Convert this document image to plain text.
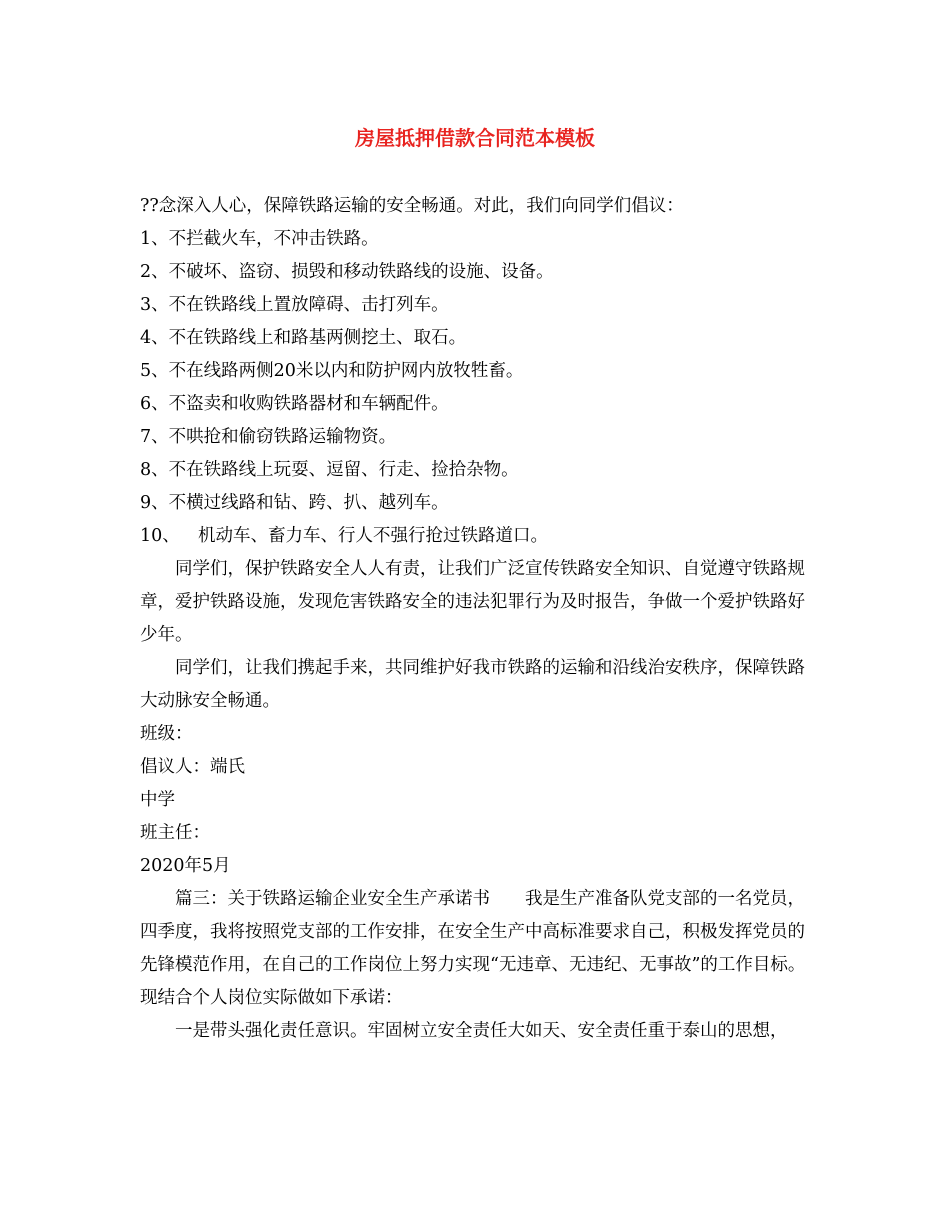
房屋抵押借款合同范本模板

??念深入人心，保障铁路运输的安全畅通。对此，我们向同学们倡议：

1、不拦截火车，不冲击铁路。

2、不破坏、盗窃、损毁和移动铁路线的设施、设备。

3、不在铁路线上置放障碍、击打列车。

4、不在铁路线上和路基两侧挖土、取石。

5、不在线路两侧20米以内和防护网内放牧牲畜。

6、不盗卖和收购铁路器材和车辆配件。

7、不哄抢和偷窃铁路运输物资。

8、不在铁路线上玩耍、逗留、行走、捡拾杂物。

9、不横过线路和钻、跨、扒、越列车。

10、 机动车、畜力车、行人不强行抢过铁路道口。

同学们，保护铁路安全人人有责，让我们广泛宣传铁路安全知识、自觉遵守铁路规章，爱护铁路设施，发现危害铁路安全的违法犯罪行为及时报告，争做一个爱护铁路好少年。

同学们，让我们携起手来，共同维护好我市铁路的运输和沿线治安秩序，保障铁路大动脉安全畅通。

班级：

倡议人：端氏

中学

班主任：

2020年5月

篇三：关于铁路运输企业安全生产承诺书　　我是生产准备队党支部的一名党员，四季度，我将按照党支部的工作安排，在安全生产中高标准要求自己，积极发挥党员的先锋模范作用，在自己的工作岗位上努力实现“无违章、无违纪、无事故”的工作目标。现结合个人岗位实际做如下承诺：

一是带头强化责任意识。牢固树立安全责任大如天、安全责任重于泰山的思想，
